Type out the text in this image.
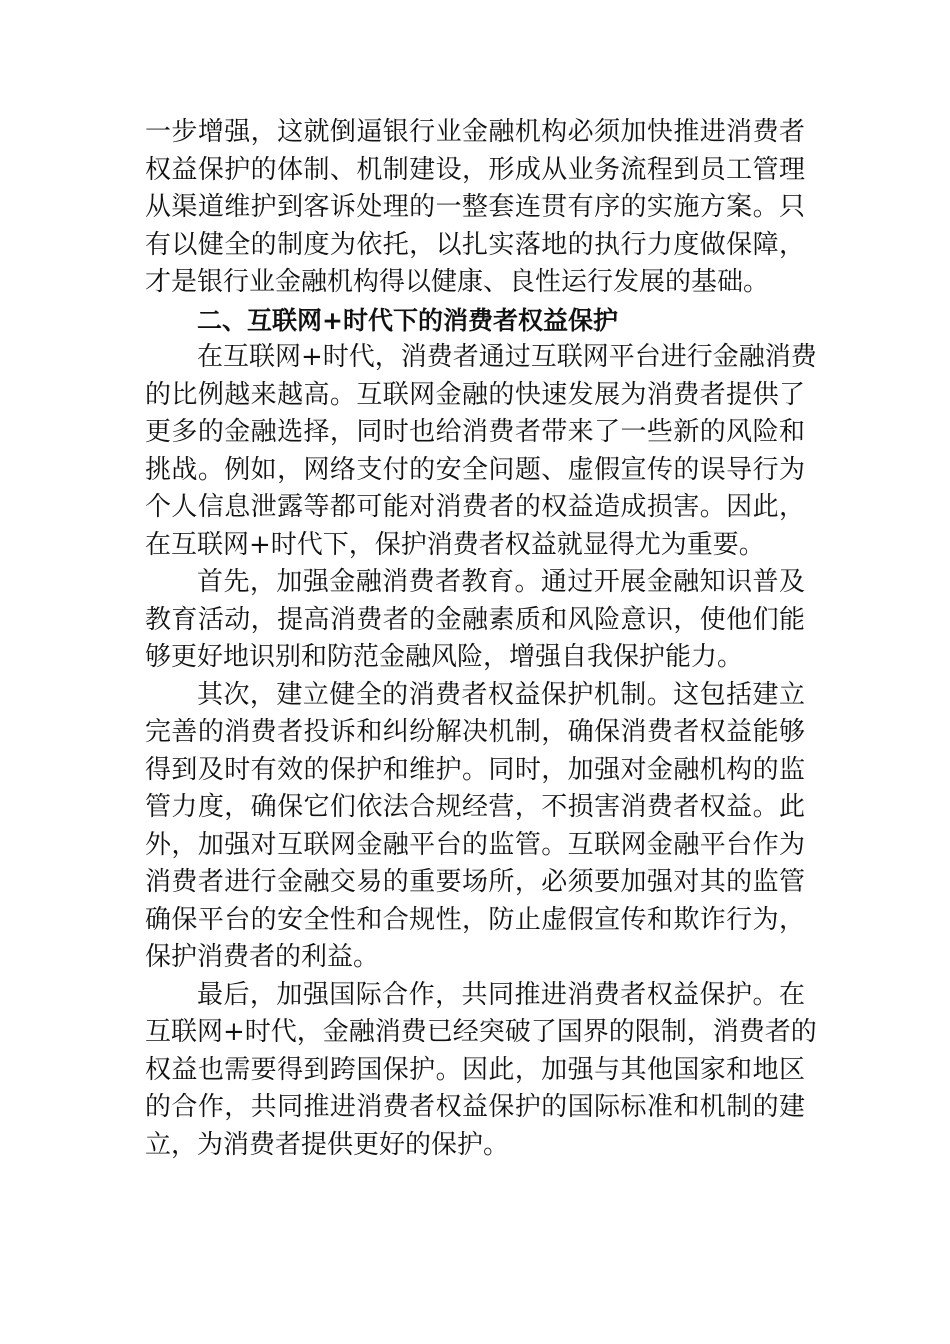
一步增强，这就倒逼银行业金融机构必须加快推进消费者
权益保护的体制、机制建设，形成从业务流程到员工管理
从渠道维护到客诉处理的一整套连贯有序的实施方案。只
有以健全的制度为依托，以扎实落地的执行力度做保障，
才是银行业金融机构得以健康、良性运行发展的基础。
二、互联网+时代下的消费者权益保护
在互联网+时代，消费者通过互联网平台进行金融消费
的比例越来越高。互联网金融的快速发展为消费者提供了
更多的金融选择，同时也给消费者带来了一些新的风险和
挑战。例如，网络支付的安全问题、虚假宣传的误导行为
个人信息泄露等都可能对消费者的权益造成损害。因此，
在互联网+时代下，保护消费者权益就显得尤为重要。
首先，加强金融消费者教育。通过开展金融知识普及
教育活动，提高消费者的金融素质和风险意识，使他们能
够更好地识别和防范金融风险，增强自我保护能力。
其次，建立健全的消费者权益保护机制。这包括建立
完善的消费者投诉和纠纷解决机制，确保消费者权益能够
得到及时有效的保护和维护。同时，加强对金融机构的监
管力度，确保它们依法合规经营，不损害消费者权益。此
外，加强对互联网金融平台的监管。互联网金融平台作为
消费者进行金融交易的重要场所，必须要加强对其的监管
确保平台的安全性和合规性，防止虚假宣传和欺诈行为，
保护消费者的利益。
最后，加强国际合作，共同推进消费者权益保护。在
互联网+时代，金融消费已经突破了国界的限制，消费者的
权益也需要得到跨国保护。因此，加强与其他国家和地区
的合作，共同推进消费者权益保护的国际标准和机制的建
立，为消费者提供更好的保护。
